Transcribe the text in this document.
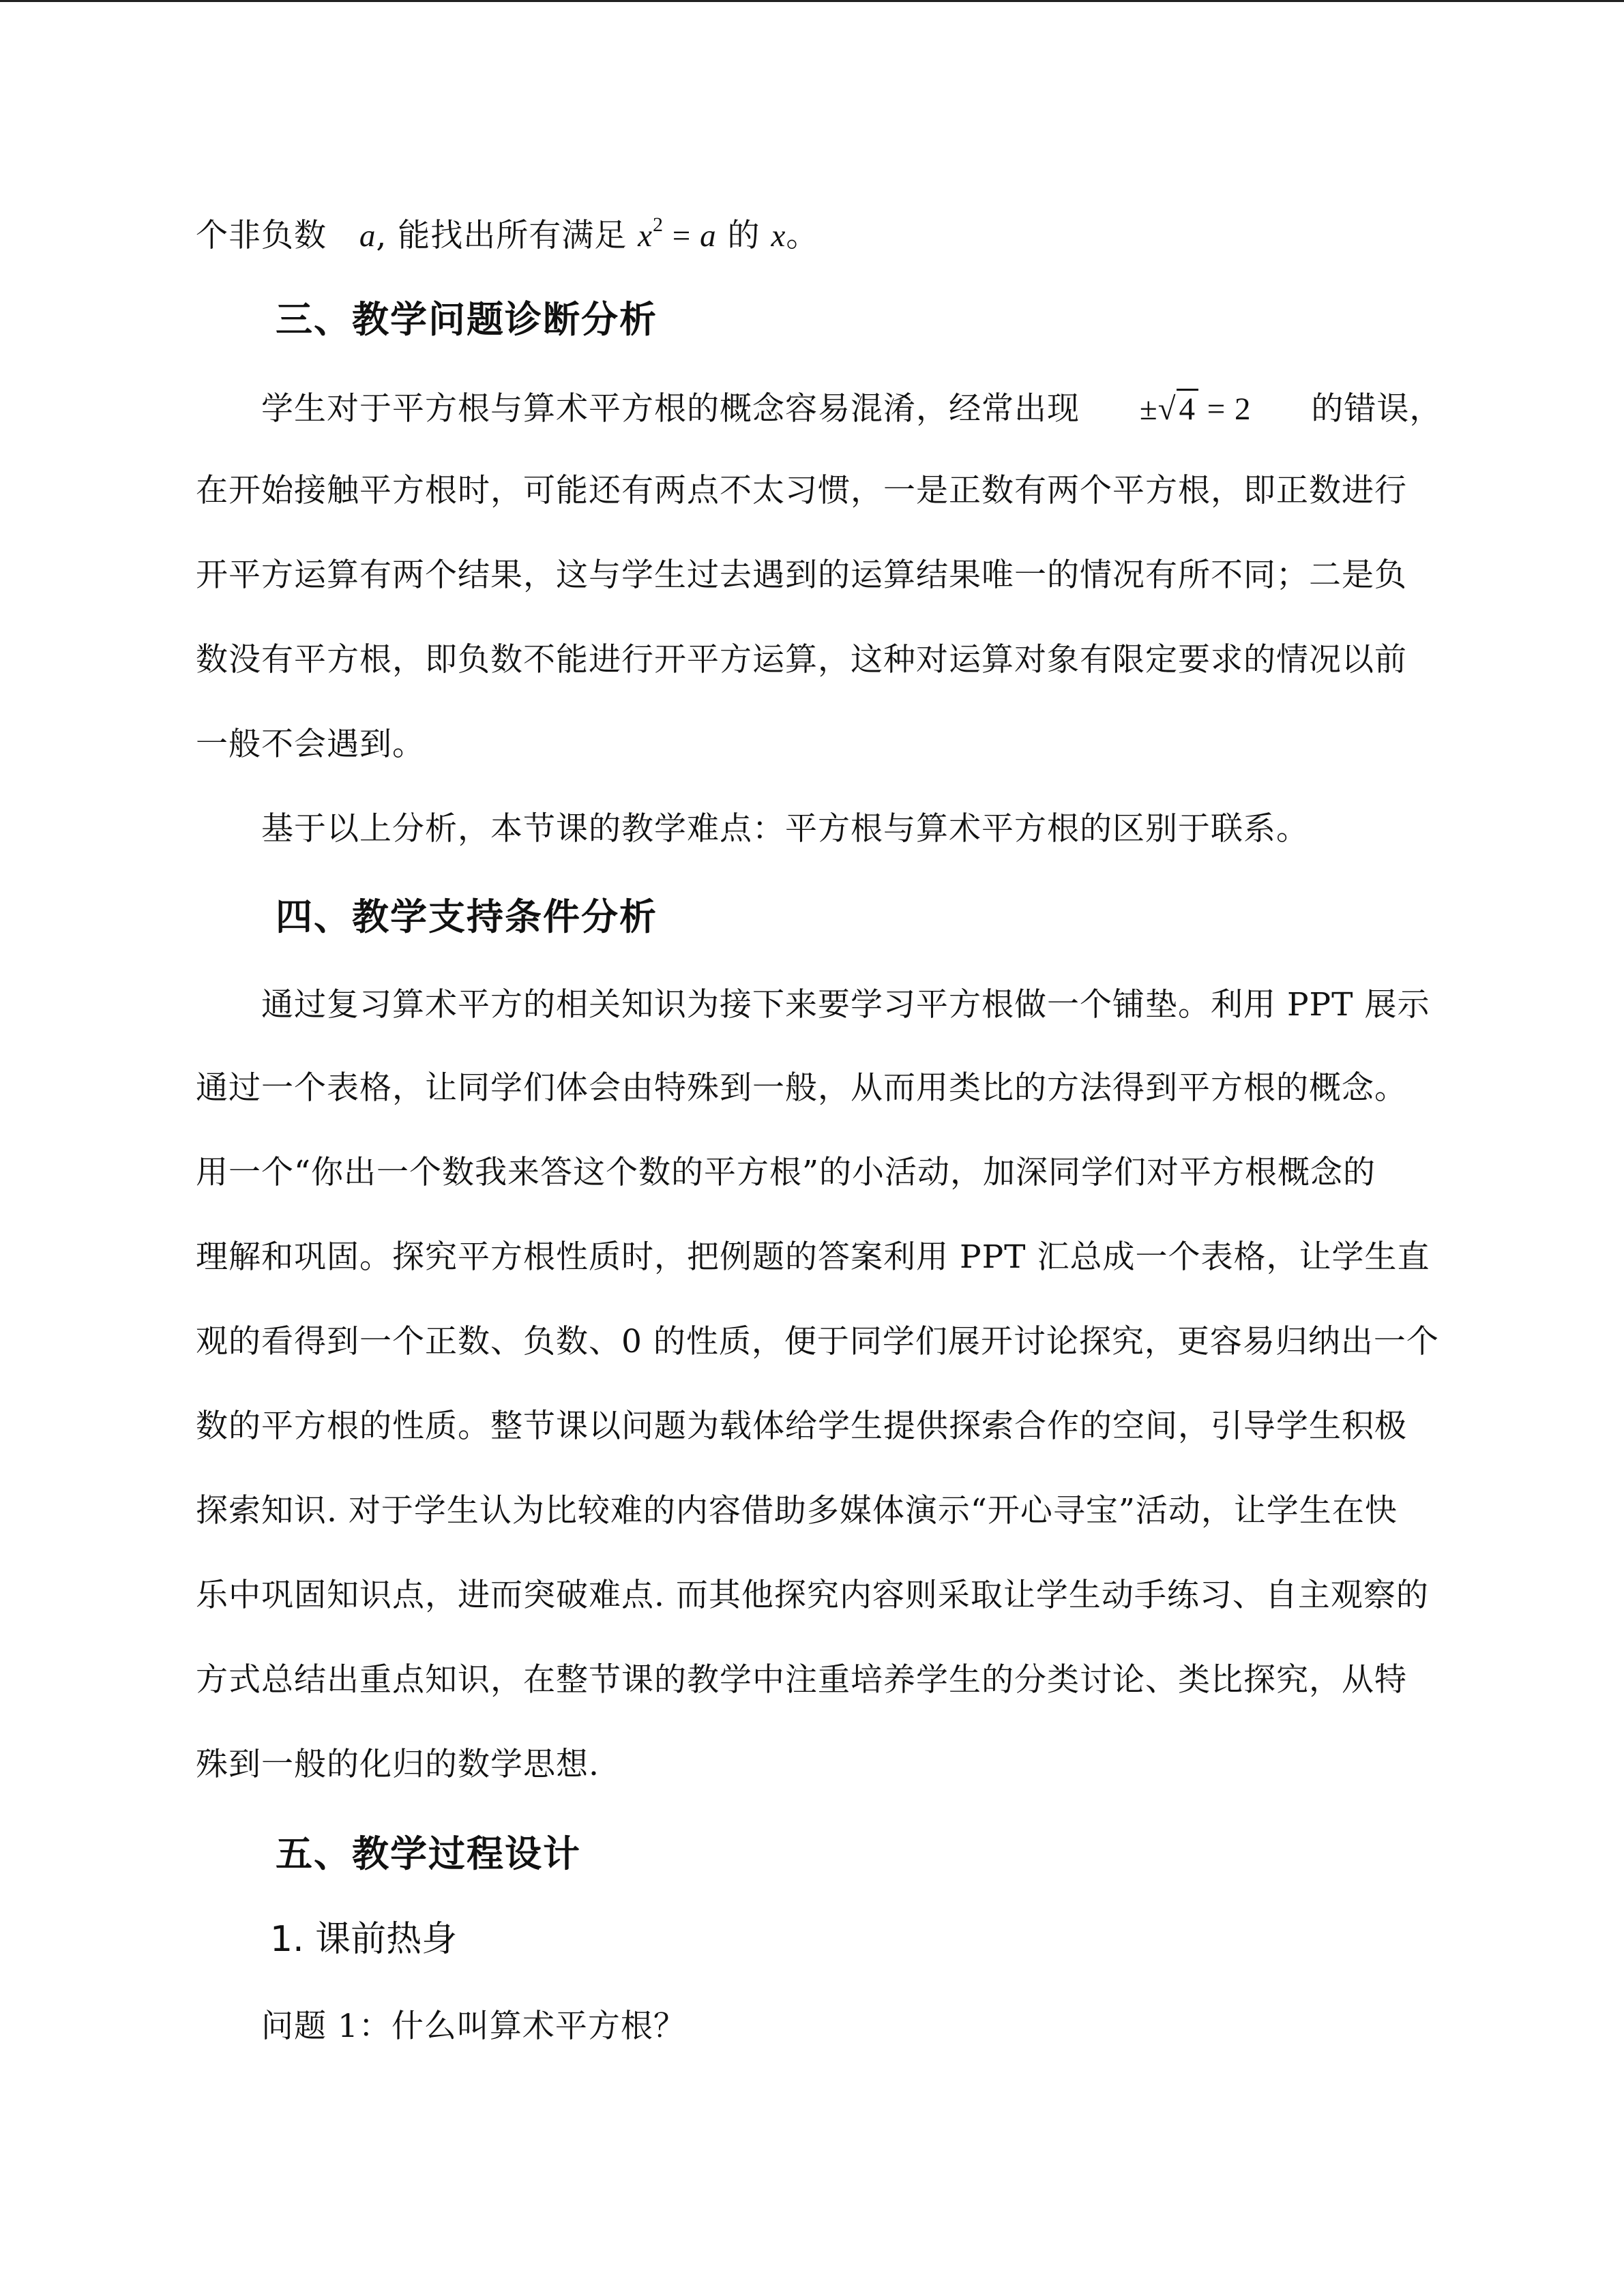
个非负数 a, 能找出所有满足 $x^2 = a$ 的 x。
三、教学问题诊断分析
学生对于平方根与算术平方根的概念容易混淆，经常出现 ±√4 = 2 的错误，
在开始接触平方根时，可能还有两点不太习惯，一是正数有两个平方根，即正数进行
开平方运算有两个结果，这与学生过去遇到的运算结果唯一的情况有所不同；二是负
数没有平方根，即负数不能进行开平方运算，这种对运算对象有限定要求的情况以前
一般不会遇到。
基于以上分析，本节课的教学难点：平方根与算术平方根的区别于联系。
四、教学支持条件分析
通过复习算术平方的相关知识为接下来要学习平方根做一个铺垫。利用 PPT 展示
通过一个表格，让同学们体会由特殊到一般，从而用类比的方法得到平方根的概念。
用一个“你出一个数我来答这个数的平方根”的小活动，加深同学们对平方根概念的
理解和巩固。探究平方根性质时，把例题的答案利用 PPT 汇总成一个表格，让学生直
观的看得到一个正数、负数、0 的性质，便于同学们展开讨论探究，更容易归纳出一个
数的平方根的性质。整节课以问题为载体给学生提供探索合作的空间，引导学生积极
探索知识. 对于学生认为比较难的内容借助多媒体演示“开心寻宝”活动，让学生在快
乐中巩固知识点，进而突破难点. 而其他探究内容则采取让学生动手练习、自主观察的
方式总结出重点知识，在整节课的教学中注重培养学生的分类讨论、类比探究，从特
殊到一般的化归的数学思想.
五、教学过程设计
1. 课前热身
问题 1：什么叫算术平方根？
